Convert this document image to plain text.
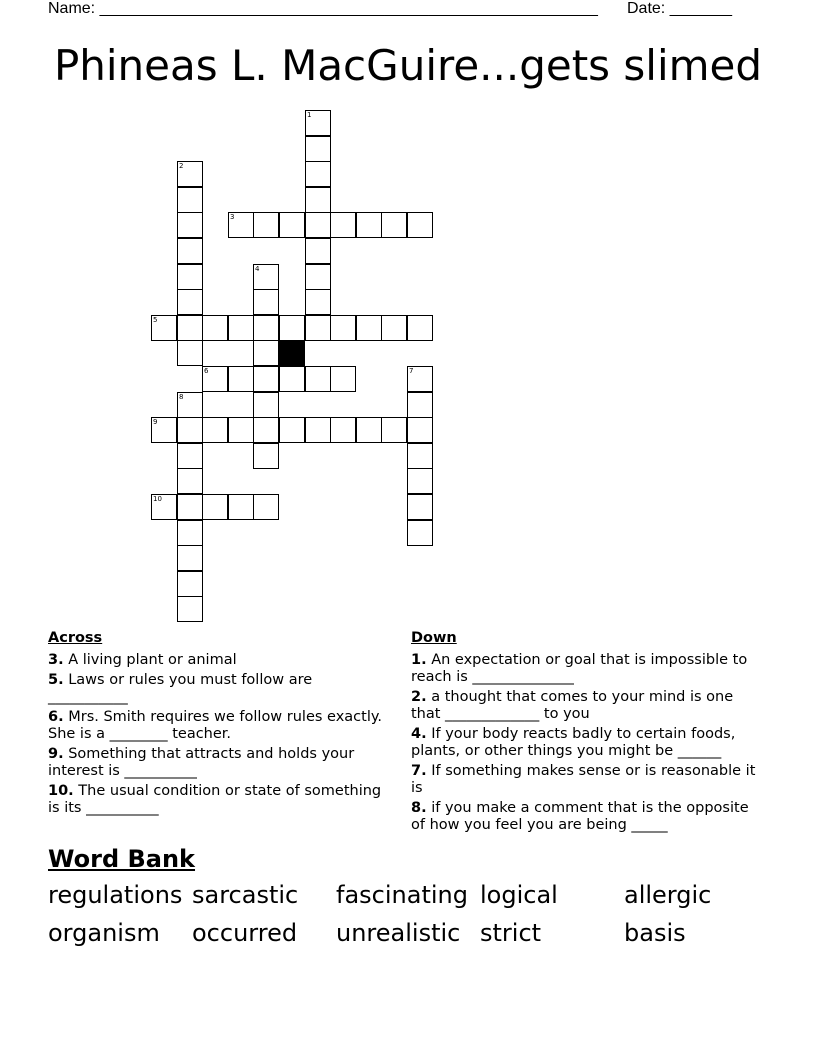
Name: ________________________________________________________ Date: _______
Phineas L. MacGuire...gets slimed
1
2
3
4
5
6	7
8
9
10
Across
3. A living plant or animal
5. Laws or rules you must follow are ___________
6. Mrs. Smith requires we follow rules exactly. She is a ________ teacher.
9. Something that attracts and holds your interest is __________
10. The usual condition or state of something is its __________
Down
1. An expectation or goal that is impossible to reach is ______________
2. a thought that comes to your mind is one that _____________ to you
4. If your body reacts badly to certain foods, plants, or other things you might be ______
7. If something makes sense or is reasonable it is
8. if you make a comment that is the opposite of how you feel you are being _____
Word Bank
regulations sarcastic	fascinating logical	allergic
organism	occurred	unrealistic strict	basis
